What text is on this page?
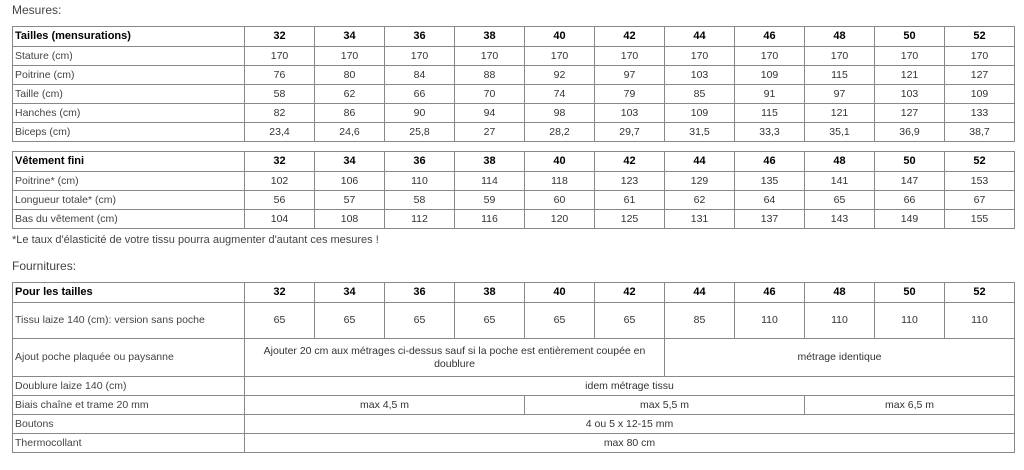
Mesures:
Tailles (mensurations)	32	34	36	38	40	42	44	46	48	50	52
Stature (cm)	170	170	170	170	170	170	170	170	170	170	170
Poitrine (cm)	76	80	84	88	92	97	103	109	115	121	127
Taille (cm)	58	62	66	70	74	79	85	91	97	103	109
Hanches (cm)	82	86	90	94	98	103	109	115	121	127	133
Biceps (cm)	23,4	24,6	25,8	27	28,2	29,7	31,5	33,3	35,1	36,9	38,7
Vêtement fini	32	34	36	38	40	42	44	46	48	50	52
Poitrine* (cm)	102	106	110	114	118	123	129	135	141	147	153
Longueur totale* (cm)	56	57	58	59	60	61	62	64	65	66	67
Bas du vêtement (cm)	104	108	112	116	120	125	131	137	143	149	155
*Le taux d'élasticité de votre tissu pourra augmenter d'autant ces mesures !
Fournitures:
Pour les tailles	32	34	36	38	40	42	44	46	48	50	52
Tissu laize 140 (cm): version sans poche	65	65	65	65	65	65	85	110	110	110	110
Ajout poche plaquée ou paysanne	Ajouter 20 cm aux métrages ci-dessus sauf si la poche est entièrement coupée en doublure						métrage identique				
Doublure laize 140 (cm)	idem métrage tissu										
Biais chaîne et trame 20 mm	max 4,5 m				max 5,5 m				max 6,5 m		
Boutons	4 ou 5 x 12-15 mm										
Thermocollant	max 80 cm										
